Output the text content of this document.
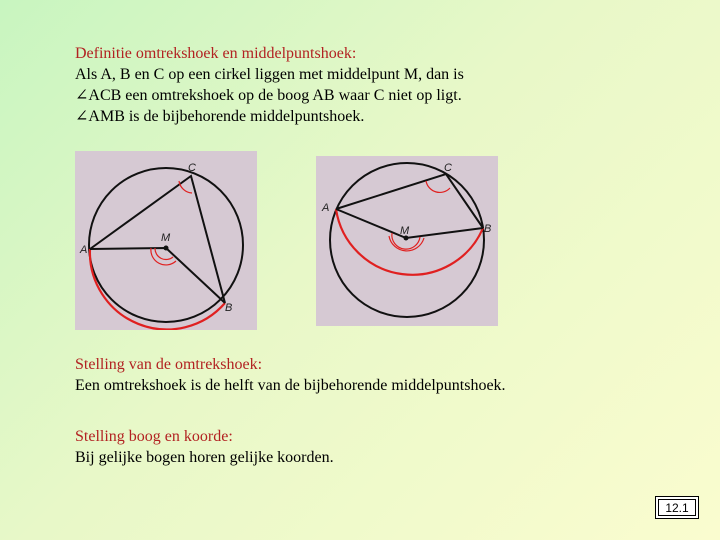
Definitie omtrekshoek en middelpuntshoek:
Als A, B en C op een cirkel liggen met middelpunt M, dan is
∠ACB een omtrekshoek op de boog AB waar C niet op ligt.
∠AMB is de bijbehorende middelpuntshoek.
C
A
M
B
C
A
M	B
Stelling van de omtrekshoek:
Een omtrekshoek is de helft van de bijbehorende middelpuntshoek.
Stelling boog en koorde:
Bij gelijke bogen horen gelijke koorden.
12.1
